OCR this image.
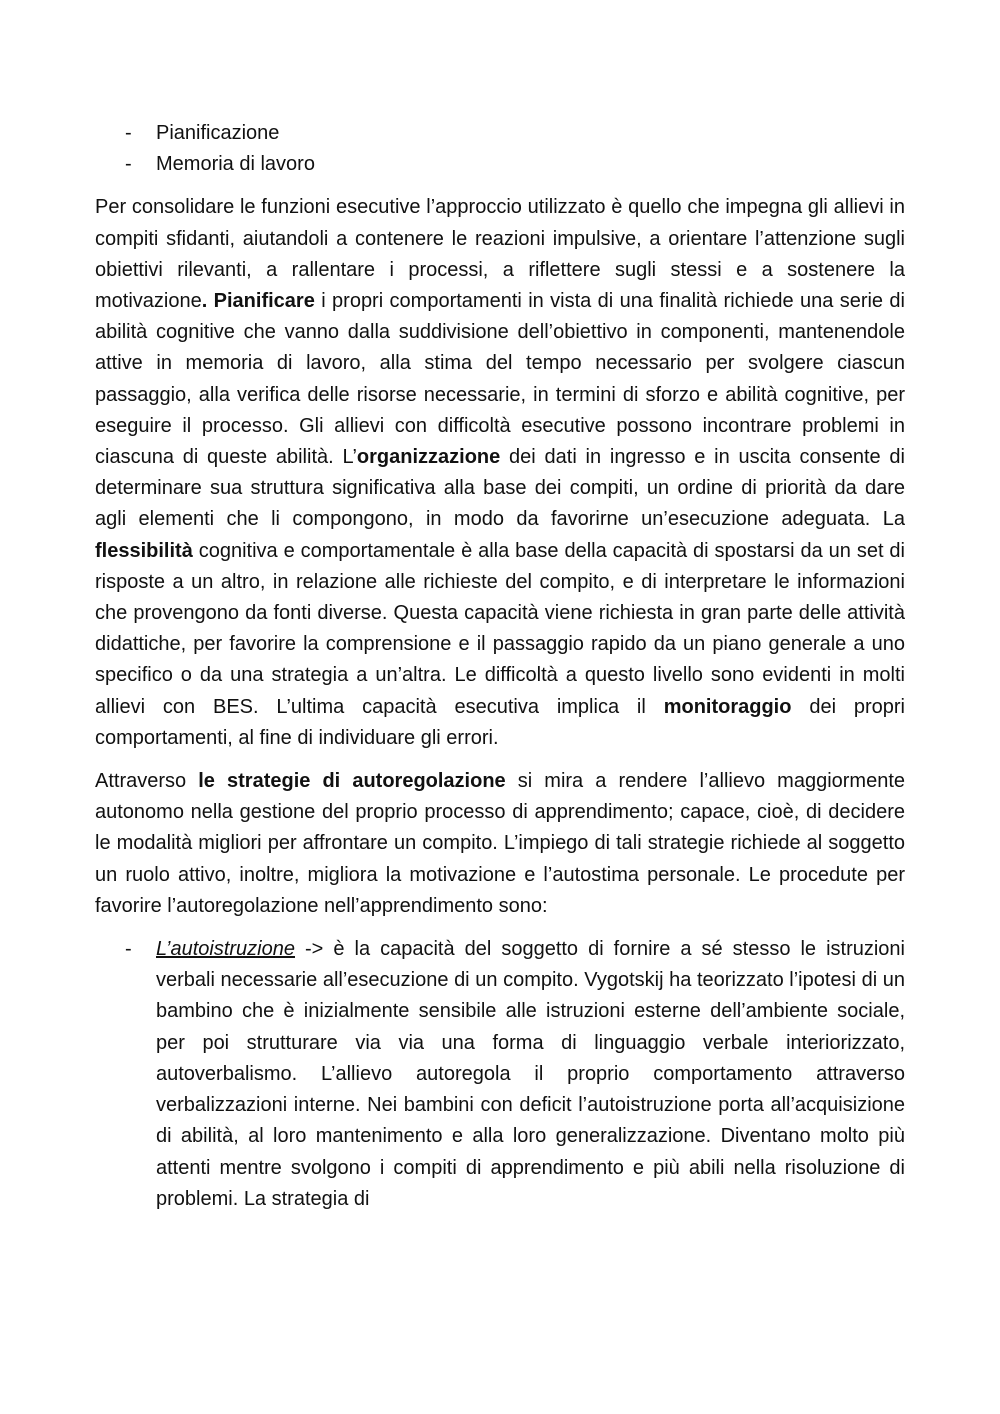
- Pianificazione
- Memoria di lavoro

Per consolidare le funzioni esecutive l’approccio utilizzato è quello che impegna gli allievi in compiti sfidanti, aiutandoli a contenere le reazioni impulsive, a orientare l’attenzione sugli obiettivi rilevanti, a rallentare i processi, a riflettere sugli stessi e a sostenere la motivazione. Pianificare i propri comportamenti in vista di una finalità richiede una serie di abilità cognitive che vanno dalla suddivisione dell’obiettivo in componenti, mantenendole attive in memoria di lavoro, alla stima del tempo necessario per svolgere ciascun passaggio, alla verifica delle risorse necessarie, in termini di sforzo e abilità cognitive, per eseguire il processo. Gli allievi con difficoltà esecutive possono incontrare problemi in ciascuna di queste abilità. L’organizzazione dei dati in ingresso e in uscita consente di determinare sua struttura significativa alla base dei compiti, un ordine di priorità da dare agli elementi che li compongono, in modo da favorirne un’esecuzione adeguata. La flessibilità cognitiva e comportamentale è alla base della capacità di spostarsi da un set di risposte a un altro, in relazione alle richieste del compito, e di interpretare le informazioni che provengono da fonti diverse. Questa capacità viene richiesta in gran parte delle attività didattiche, per favorire la comprensione e il passaggio rapido da un piano generale a uno specifico o da una strategia a un’altra. Le difficoltà a questo livello sono evidenti in molti allievi con BES. L’ultima capacità esecutiva implica il monitoraggio dei propri comportamenti, al fine di individuare gli errori.

Attraverso le strategie di autoregolazione si mira a rendere l’allievo maggiormente autonomo nella gestione del proprio processo di apprendimento; capace, cioè, di decidere le modalità migliori per affrontare un compito. L’impiego di tali strategie richiede al soggetto un ruolo attivo, inoltre, migliora la motivazione e l’autostima personale. Le procedute per favorire l’autoregolazione nell’apprendimento sono:

- L’autoistruzione -> è la capacità del soggetto di fornire a sé stesso le istruzioni verbali necessarie all’esecuzione di un compito. Vygotskij ha teorizzato l’ipotesi di un bambino che è inizialmente sensibile alle istruzioni esterne dell’ambiente sociale, per poi strutturare via via una forma di linguaggio verbale interiorizzato, autoverbalismo. L’allievo autoregola il proprio comportamento attraverso verbalizzazioni interne. Nei bambini con deficit l’autoistruzione porta all’acquisizione di abilità, al loro mantenimento e alla loro generalizzazione. Diventano molto più attenti mentre svolgono i compiti di apprendimento e più abili nella risoluzione di problemi. La strategia di
